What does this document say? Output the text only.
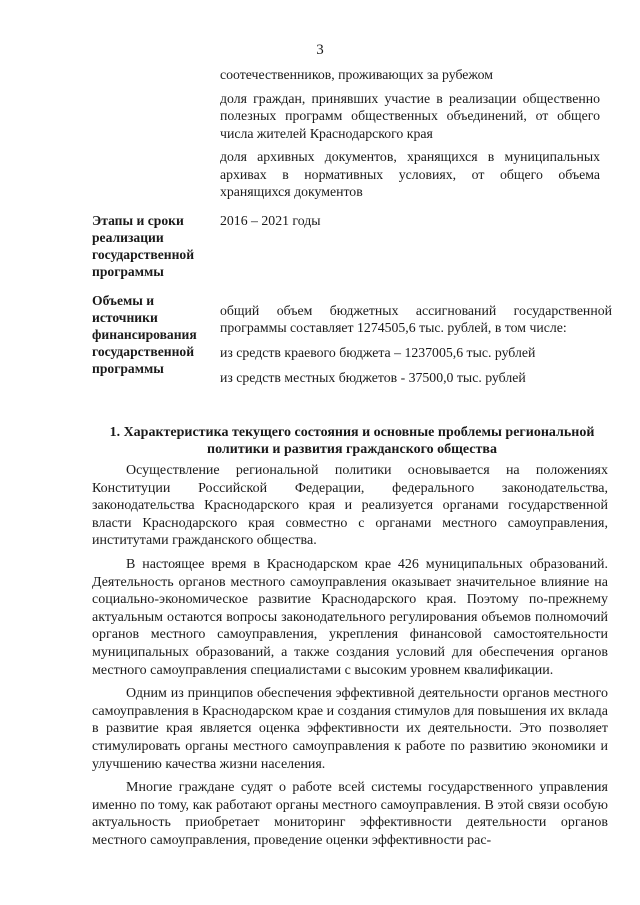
3

соотечественников, проживающих за рубежом

доля граждан, принявших участие в реализации общественно полезных программ общественных объединений, от общего числа жителей Краснодарского края

доля архивных документов, хранящихся в муниципальных архивах в нормативных условиях, от общего объема хранящихся документов

Этапы и сроки реализации государственной программы

2016 – 2021 годы

Объемы и источники финансирования государственной программы

общий объем бюджетных ассигнований государственной программы составляет 1274505,6 тыс. рублей, в том числе:

из средств краевого бюджета – 1237005,6 тыс. рублей

из средств местных бюджетов - 37500,0 тыс. рублей

1. Характеристика текущего состояния и основные проблемы региональной политики и развития гражданского общества

Осуществление региональной политики основывается на положениях Конституции Российской Федерации, федерального законодательства, законодательства Краснодарского края и реализуется органами государственной власти Краснодарского края совместно с органами местного самоуправления, институтами гражданского общества.

В настоящее время в Краснодарском крае 426 муниципальных образований. Деятельность органов местного самоуправления оказывает значительное влияние на социально-экономическое развитие Краснодарского края. Поэтому по-прежнему актуальным остаются вопросы законодательного регулирования объемов полномочий органов местного самоуправления, укрепления финансовой самостоятельности муниципальных образований, а также создания условий для обеспечения органов местного самоуправления специалистами с высоким уровнем квалификации.

Одним из принципов обеспечения эффективной деятельности органов местного самоуправления в Краснодарском крае и создания стимулов для повышения их вклада в развитие края является оценка эффективности их деятельности. Это позволяет стимулировать органы местного самоуправления к работе по развитию экономики и улучшению качества жизни населения.

Многие граждане судят о работе всей системы государственного управления именно по тому, как работают органы местного самоуправления. В этой связи особую актуальность приобретает мониторинг эффективности деятельности органов местного самоуправления, проведение оценки эффективности рас-
